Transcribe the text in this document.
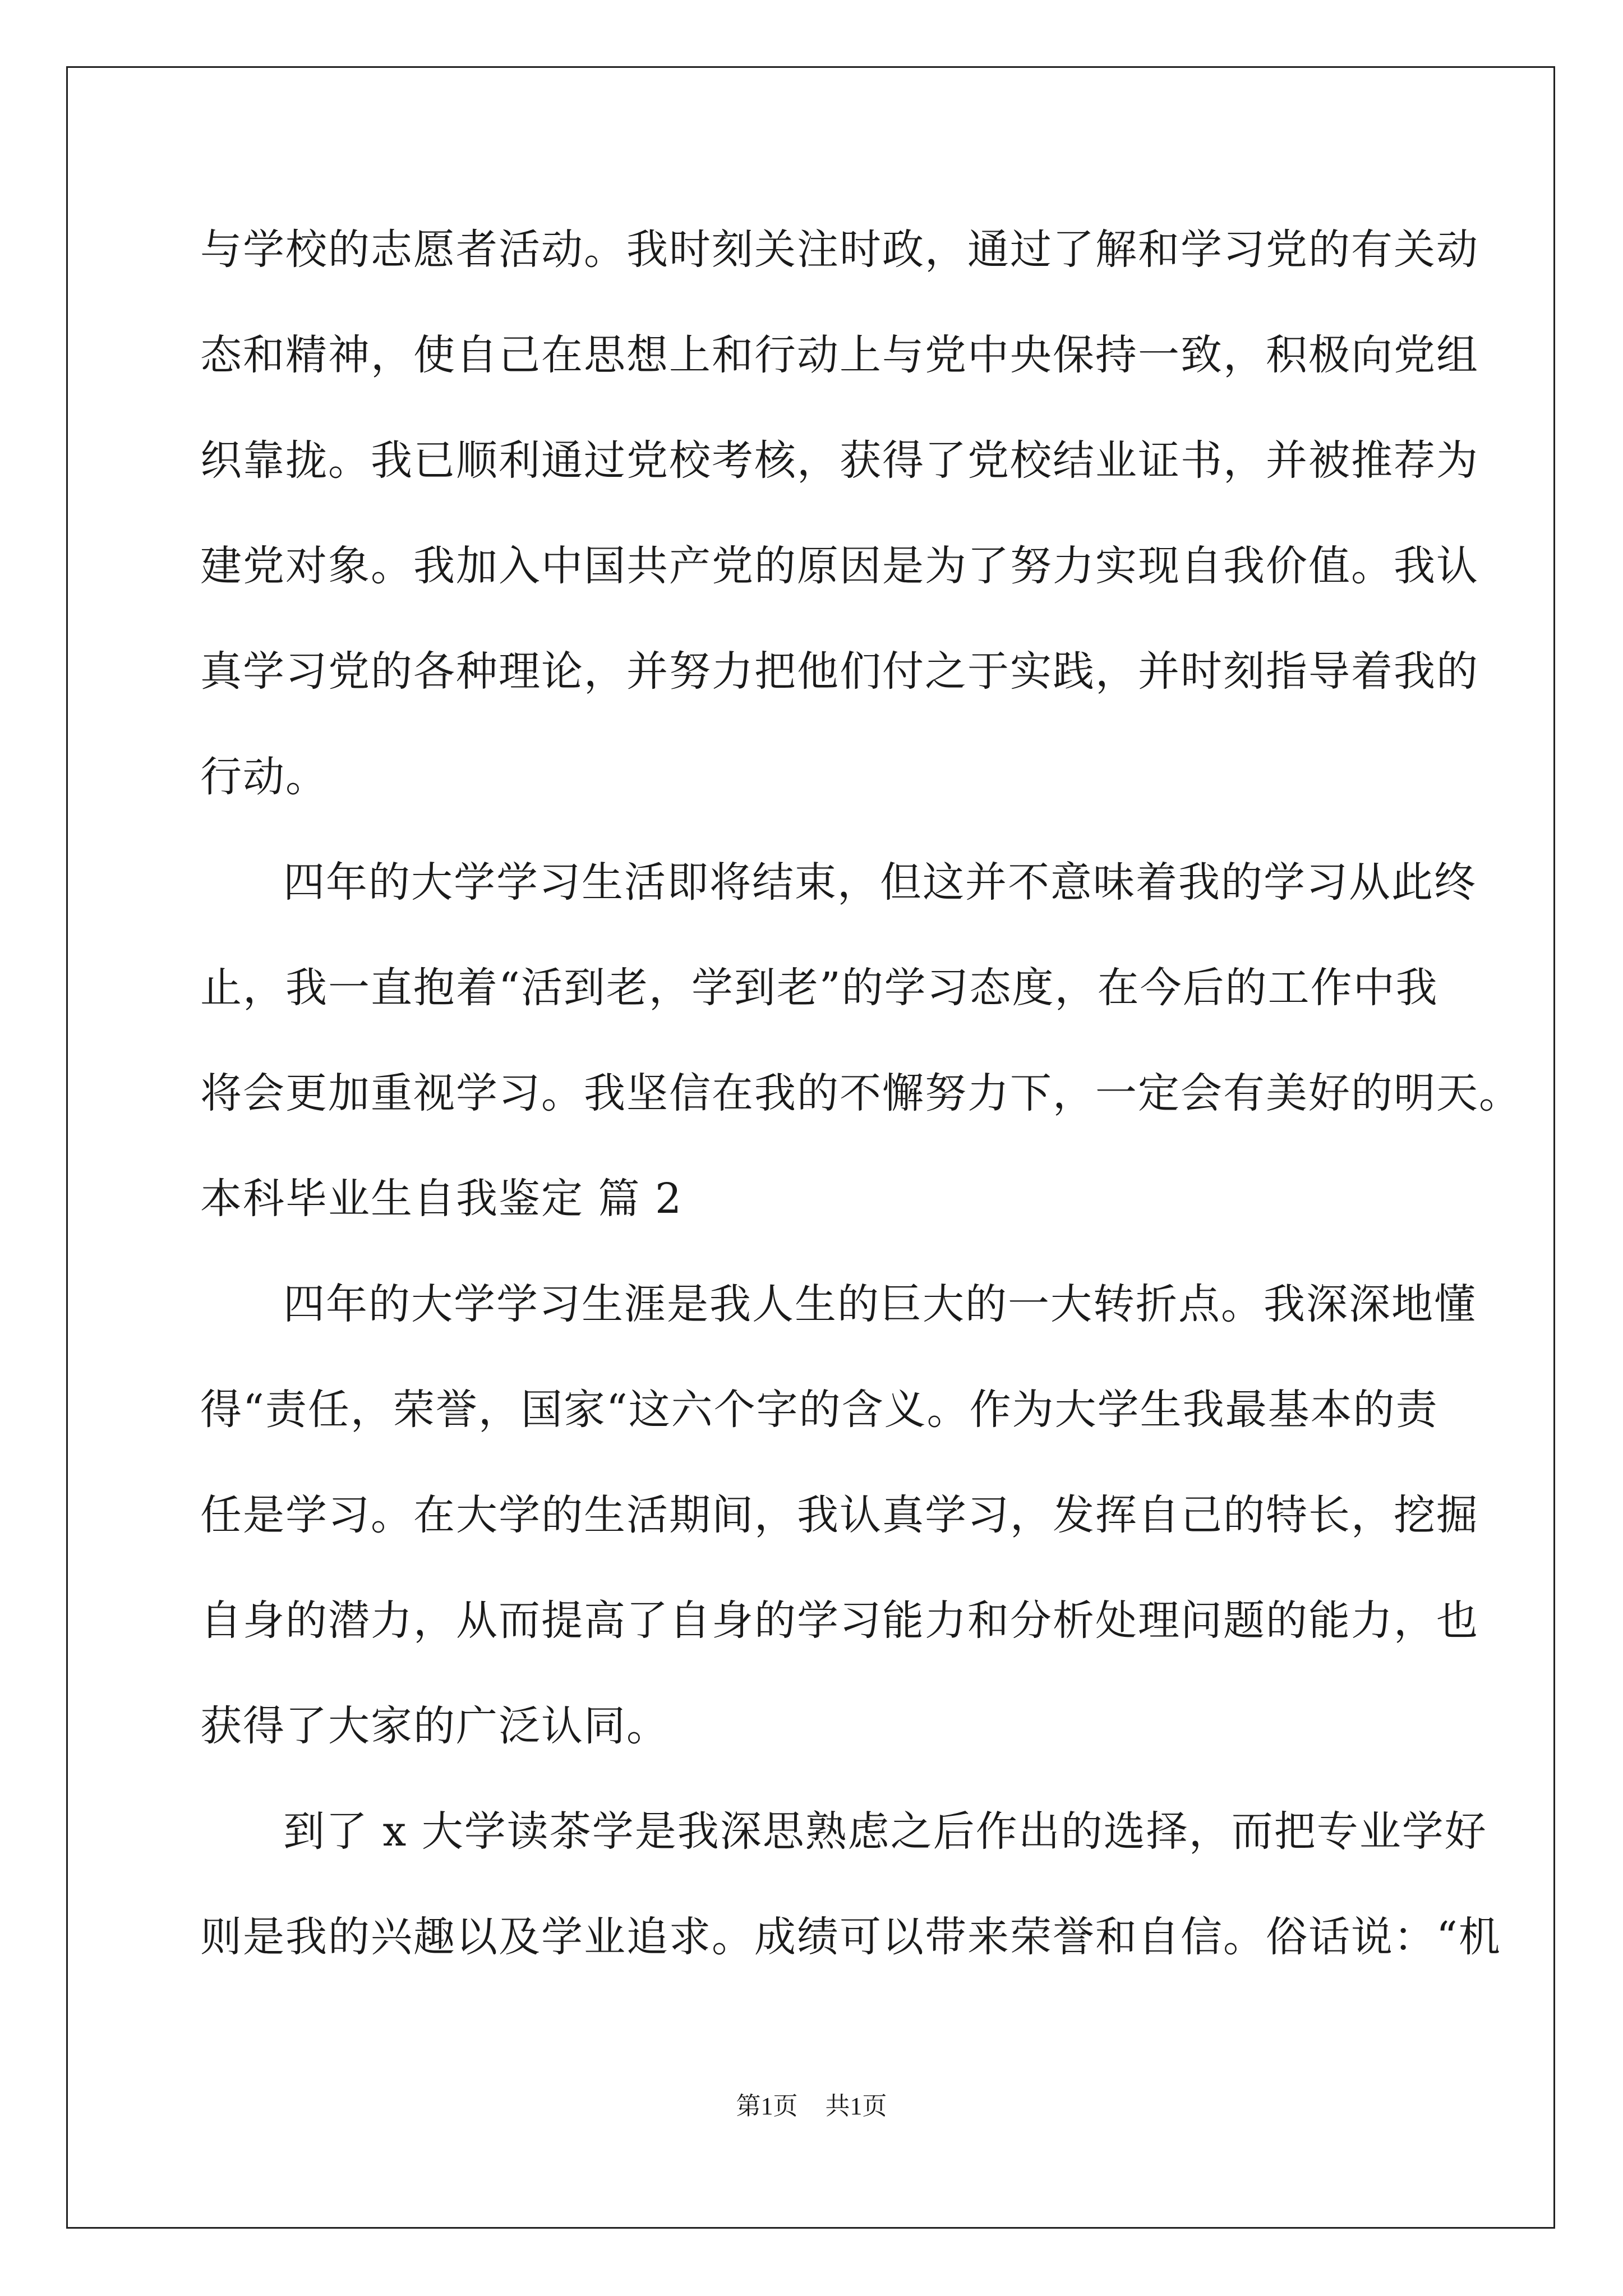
与学校的志愿者活动。我时刻关注时政，通过了解和学习党的有关动
态和精神，使自己在思想上和行动上与党中央保持一致，积极向党组
织靠拢。我已顺利通过党校考核，获得了党校结业证书，并被推荐为
建党对象。我加入中国共产党的原因是为了努力实现自我价值。我认
真学习党的各种理论，并努力把他们付之于实践，并时刻指导着我的
行动。
四年的大学学习生活即将结束，但这并不意味着我的学习从此终
止，我一直抱着“活到老，学到老”的学习态度，在今后的工作中我
将会更加重视学习。我坚信在我的不懈努力下，一定会有美好的明天。
本科毕业生自我鉴定 篇 2
四年的大学学习生涯是我人生的巨大的一大转折点。我深深地懂
得“责任，荣誉，国家“这六个字的含义。作为大学生我最基本的责
任是学习。在大学的生活期间，我认真学习，发挥自己的特长，挖掘
自身的潜力，从而提高了自身的学习能力和分析处理问题的能力，也
获得了大家的广泛认同。
到了 x 大学读茶学是我深思熟虑之后作出的选择，而把专业学好
则是我的兴趣以及学业追求。成绩可以带来荣誉和自信。俗话说：“机
第1页 共1页
